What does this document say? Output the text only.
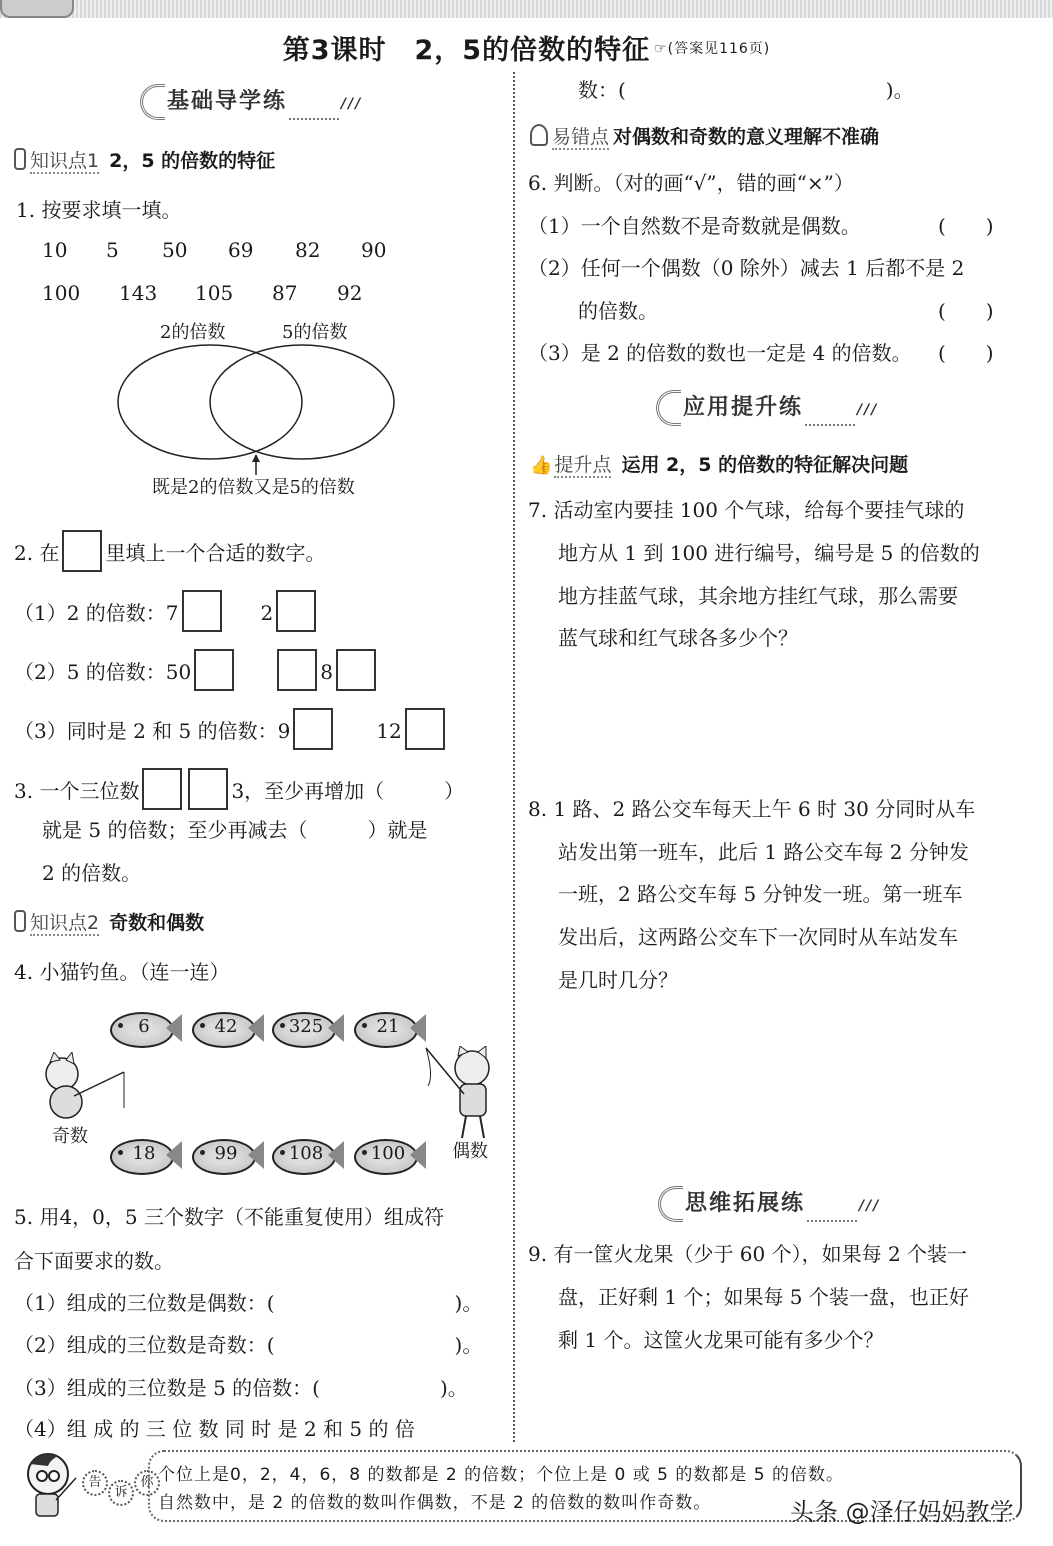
第3课时　2，5的倍数的特征 $^{☞(答案见116页)}$
基础导学练	///
知识点1 2，5 的倍数的特征
1. 按要求填一填。
10 5 50 69 82 90
100 143 105 87 92
2的倍数	5的倍数
既是2的倍数又是5的倍数
2. 在 里填上一个合适的数字。
（1）2 的倍数：7	2
（2）5 的倍数：50	8
（3）同时是 2 和 5 的倍数：9	12
3. 一个三位数	3，至少再增加（　　　）
就是 5 的倍数；至少再减去（　　　）就是
2 的倍数。
知识点2 奇数和偶数
4. 小猫钓鱼。（连一连）
6	42	325	21
18	99	108	100
奇数
偶数
5. 用4，0，5 三个数字（不能重复使用）组成符
合下面要求的数。
（1）组成的三位数是偶数：(　　　　　　　　　)。
（2）组成的三位数是奇数：(　　　　　　　　　)。
（3）组成的三位数是 5 的倍数：(　　　　　　)。
（4）组 成 的 三 位 数 同 时 是 2 和 5 的 倍
数：(　　　　　　　　　　　　　)。
易错点 对偶数和奇数的意义理解不准确
6. 判断。（对的画“√”，错的画“×”）
（1）一个自然数不是奇数就是偶数。	(　　)
（2）任何一个偶数（0 除外）减去 1 后都不是 2
的倍数。	(　　)
（3）是 2 的倍数的数也一定是 4 的倍数。 (　　)
应用提升练	///
👍 提升点 运用 2，5 的倍数的特征解决问题
7. 活动室内要挂 100 个气球，给每个要挂气球的
地方从 1 到 100 进行编号，编号是 5 的倍数的
地方挂蓝气球，其余地方挂红气球，那么需要
蓝气球和红气球各多少个？
8. 1 路、2 路公交车每天上午 6 时 30 分同时从车
站发出第一班车，此后 1 路公交车每 2 分钟发
一班，2 路公交车每 5 分钟发一班。第一班车
发出后，这两路公交车下一次同时从车站发车
是几时几分？
思维拓展练	///
9. 有一筐火龙果（少于 60 个），如果每 2 个装一
盘，正好剩 1 个；如果每 5 个装一盘，也正好
剩 1 个。这筐火龙果可能有多少个？
告诉你 个位上是0，2，4，6，8 的数都是 2 的倍数；个位上是 0 或 5 的数都是 5 的倍数。
自然数中，是 2 的倍数的数叫作偶数，不是 2 的倍数的数叫作奇数。	头条 @泽仔妈妈教学
